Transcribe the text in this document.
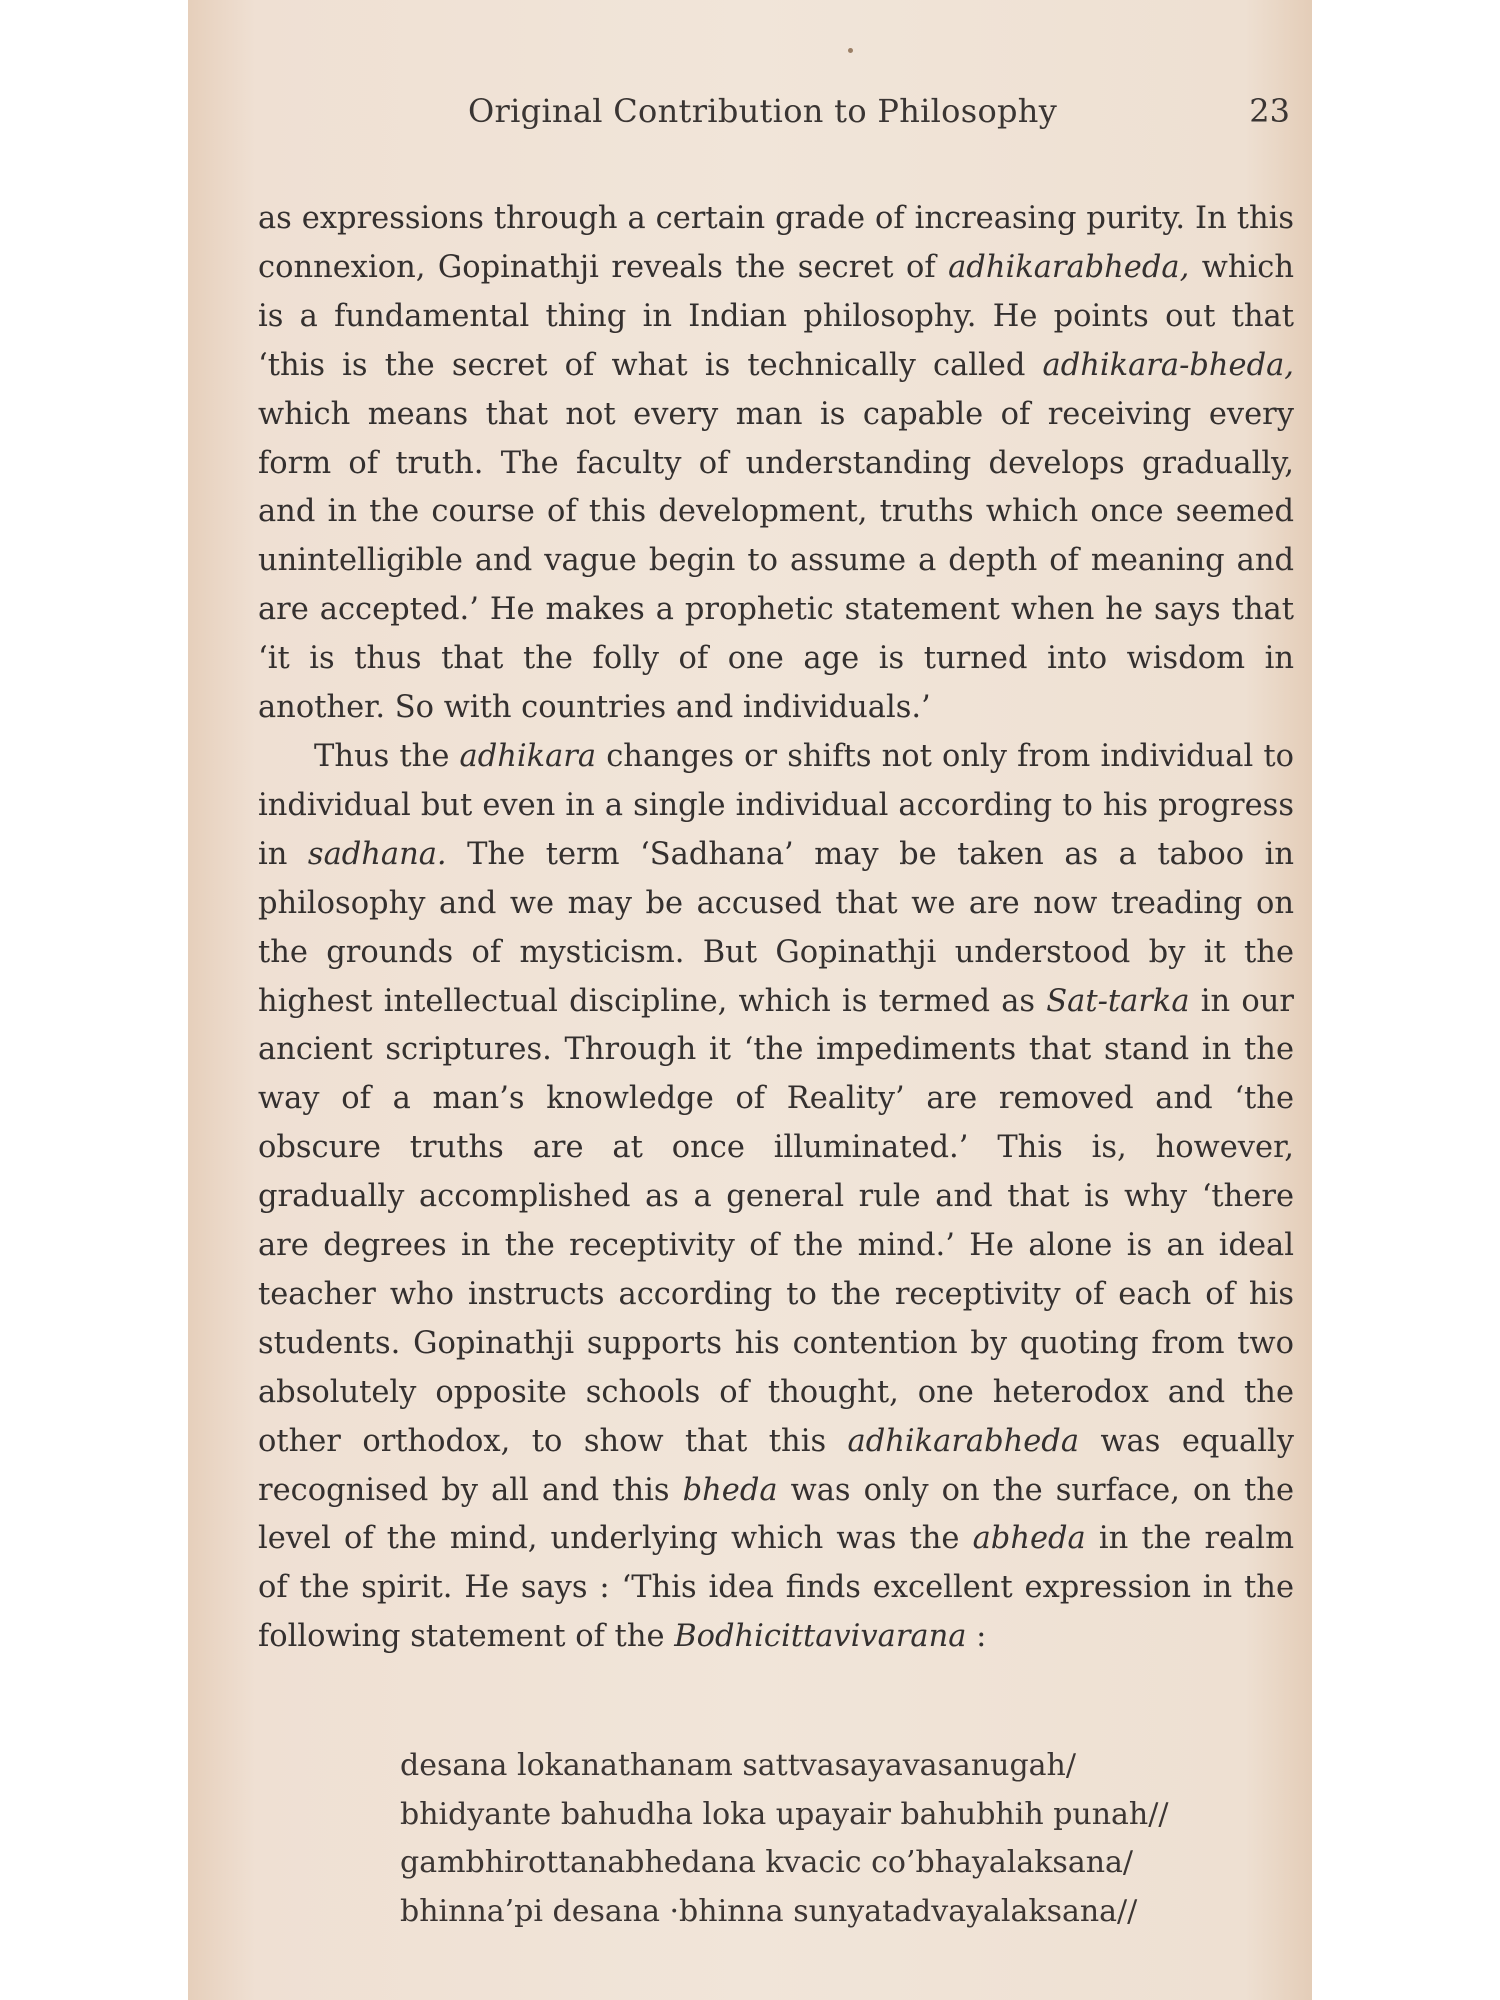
Original Contribution to Philosophy	23

as expressions through a certain grade of increasing purity. In this connexion, Gopinathji reveals the secret of adhikarabheda, which is a fundamental thing in Indian philosophy. He points out that ‘this is the secret of what is technically called adhikara-bheda, which means that not every man is capable of receiving every form of truth. The faculty of understanding develops gradually, and in the course of this development, truths which once seemed unintelligible and vague begin to assume a depth of meaning and are accepted.’ He makes a prophetic statement when he says that ‘it is thus that the folly of one age is turned into wisdom in another. So with countries and individuals.’

Thus the adhikara changes or shifts not only from individual to individual but even in a single individual according to his progress in sadhana. The term ‘Sadhana’ may be taken as a taboo in philosophy and we may be accused that we are now treading on the grounds of mysticism. But Gopinathji understood by it the highest intellectual discipline, which is termed as Sat-tarka in our ancient scriptures. Through it ‘the impediments that stand in the way of a man’s knowledge of Reality’ are removed and ‘the obscure truths are at once illuminated.’ This is, however, gradually accomplished as a general rule and that is why ‘there are degrees in the receptivity of the mind.’ He alone is an ideal teacher who instructs according to the receptivity of each of his students. Gopinathji supports his contention by quoting from two absolutely opposite schools of thought, one heterodox and the other orthodox, to show that this adhikarabheda was equally recognised by all and this bheda was only on the surface, on the level of the mind, underlying which was the abheda in the realm of the spirit. He says : ‘This idea finds excellent expression in the following statement of the Bodhicittavivarana :

desana lokanathanam sattvasayavasanugah/
bhidyante bahudha loka upayair bahubhih punah//
gambhirottanabhedana kvacic co’bhayalaksana/
bhinna’pi desana ·bhinna sunyatadvayalaksana//
